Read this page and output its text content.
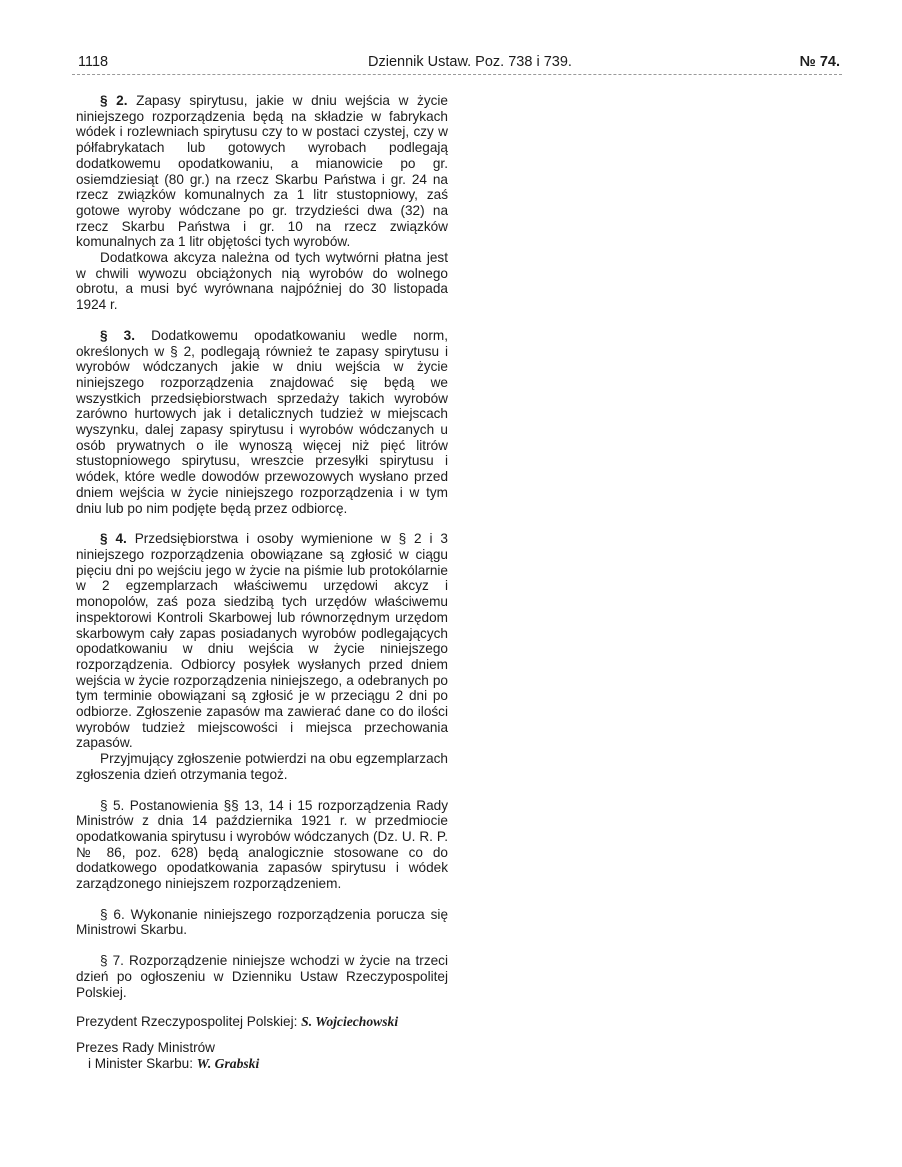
1118	Dziennik Ustaw. Poz. 738 i 739.	№ 74.

§ 2. Zapasy spirytusu, jakie w dniu wejścia w życie niniejszego rozporządzenia będą na składzie w fabrykach wódek i rozlewniach spirytusu czy to w postaci czystej, czy w półfabrykatach lub gotowych wyrobach podlegają dodatkowemu opodatkowaniu, a mianowicie po gr. osiemdziesiąt (80 gr.) na rzecz Skarbu Państwa i gr. 24 na rzecz związków komunalnych za 1 litr stustopniowy, zaś gotowe wyroby wódczane po gr. trzydzieści dwa (32) na rzecz Skarbu Państwa i gr. 10 na rzecz związków komunalnych za 1 litr objętości tych wyrobów.

Dodatkowa akcyza należna od tych wytwórni płatna jest w chwili wywozu obciążonych nią wyrobów do wolnego obrotu, a musi być wyrównana najpóźniej do 30 listopada 1924 r.

§ 3. Dodatkowemu opodatkowaniu wedle norm, określonych w § 2, podlegają również te zapasy spirytusu i wyrobów wódczanych jakie w dniu wejścia w życie niniejszego rozporządzenia znajdować się będą we wszystkich przedsiębiorstwach sprzedaży takich wyrobów zarówno hurtowych jak i detalicznych tudzież w miejscach wyszynku, dalej zapasy spirytusu i wyrobów wódczanych u osób prywatnych o ile wynoszą więcej niż pięć litrów stustopniowego spirytusu, wreszcie przesyłki spirytusu i wódek, które wedle dowodów przewozowych wysłano przed dniem wejścia w życie niniejszego rozporządzenia i w tym dniu lub po nim podjęte będą przez odbiorcę.

§ 4. Przedsiębiorstwa i osoby wymienione w § 2 i 3 niniejszego rozporządzenia obowiązane są zgłosić w ciągu pięciu dni po wejściu jego w życie na piśmie lub protokólarnie w 2 egzemplarzach właściwemu urzędowi akcyz i monopolów, zaś poza siedzibą tych urzędów właściwemu inspektorowi Kontroli Skarbowej lub równorzędnym urzędom skarbowym cały zapas posiadanych wyrobów podlegających opodatkowaniu w dniu wejścia w życie niniejszego rozporządzenia. Odbiorcy posyłek wysłanych przed dniem wejścia w życie rozporządzenia niniejszego, a odebranych po tym terminie obowiązani są zgłosić je w przeciągu 2 dni po odbiorze. Zgłoszenie zapasów ma zawierać dane co do ilości wyrobów tudzież miejscowości i miejsca przechowania zapasów.

Przyjmujący zgłoszenie potwierdzi na obu egzemplarzach zgłoszenia dzień otrzymania tegoż.

§ 5. Postanowienia §§ 13, 14 i 15 rozporządzenia Rady Ministrów z dnia 14 października 1921 r. w przedmiocie opodatkowania spirytusu i wyrobów wódczanych (Dz. U. R. P. № 86, poz. 628) będą analogicznie stosowane co do dodatkowego opodatkowania zapasów spirytusu i wódek zarządzonego niniejszem rozporządzeniem.

§ 6. Wykonanie niniejszego rozporządzenia porucza się Ministrowi Skarbu.

§ 7. Rozporządzenie niniejsze wchodzi w życie na trzeci dzień po ogłoszeniu w Dzienniku Ustaw Rzeczypospolitej Polskiej.

Prezydent Rzeczypospolitej Polskiej: S. Wojciechowski

Prezes Rady Ministrów
i Minister Skarbu: W. Grabski
